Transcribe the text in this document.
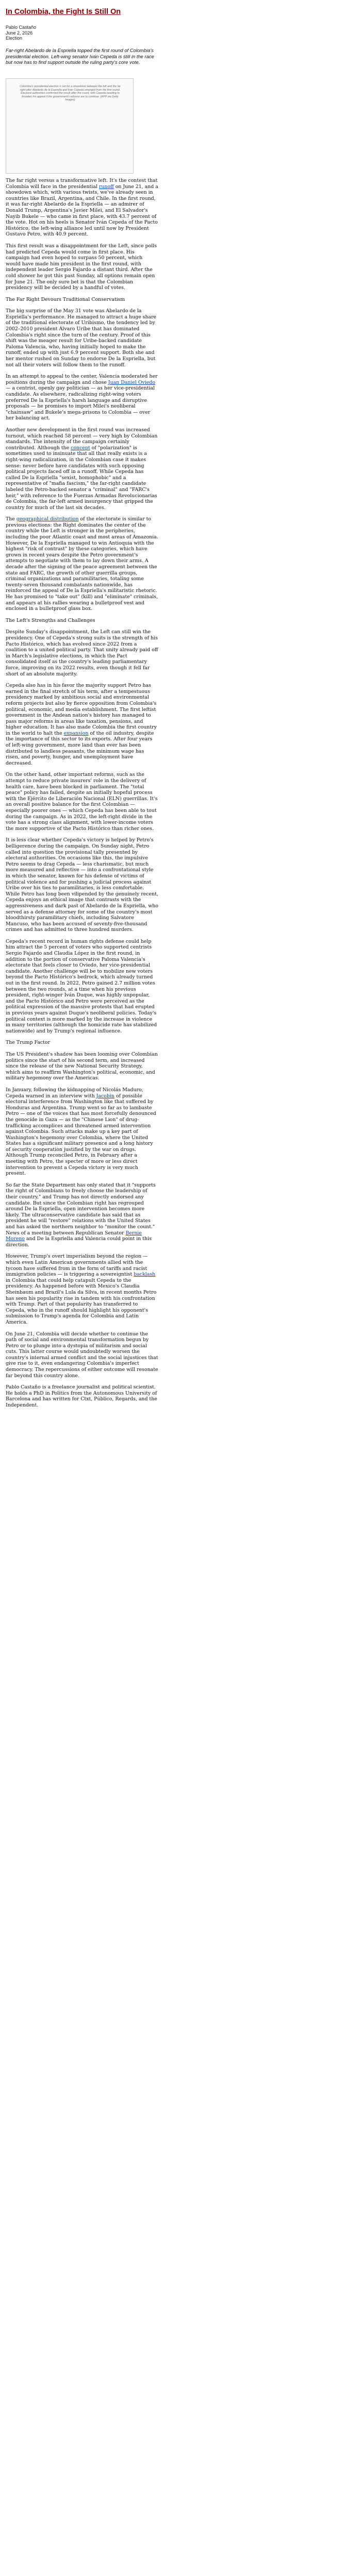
In Colombia, the Fight Is Still On
Pablo Castaño
June 2, 2026
Election

Far-right Abelardo de la Espriella topped the first round of Colombia's presidential election. Left-wing senator Iván Cepeda is still in the race but now has to find support outside the ruling party's core vote.

Colombia's presidential election is set for a showdown between the left and the far right after Abelardo de la Espriella and Iván Cepeda emerged from the first round. Electoral authorities confirmed the result after the count, with Cepeda needing to broaden his appeal if the government's reforms are to continue. (AFP via Getty Images)

The far right versus a transformative left. It's the contest that Colombia will face in the presidential runoff on June 21, and a showdown which, with various twists, we've already seen in countries like Brazil, Argentina, and Chile. In the first round, it was far-right Abelardo de la Espriella — an admirer of Donald Trump, Argentina's Javier Milei, and El Salvador's Nayib Bukele — who came in first place, with 43.7 percent of the vote. Hot on his heels is Senator Iván Cepeda of the Pacto Histórico, the left-wing alliance led until now by President Gustavo Petro, with 40.9 percent.

This first result was a disappointment for the Left, since polls had predicted Cepeda would come in first place. His campaign had even hoped to surpass 50 percent, which would have made him president in the first round, with independent leader Sergio Fajardo a distant third. After the cold shower he got this past Sunday, all options remain open for June 21. The only sure bet is that the Colombian presidency will be decided by a handful of votes.

The Far Right Devours Traditional Conservatism

The big surprise of the May 31 vote was Abelardo de la Espriella's performance. He managed to attract a huge share of the traditional electorate of Uribismo, the tendency led by 2002–2010 president Álvaro Uribe that has dominated Colombia's right since the turn of the century. Proof of this shift was the meager result for Uribe-backed candidate Paloma Valencia, who, having initially hoped to make the runoff, ended up with just 6.9 percent support. Both she and her mentor rushed on Sunday to endorse De la Espriella, but not all their voters will follow them to the runoff.

In an attempt to appeal to the center, Valencia moderated her positions during the campaign and chose Juan Daniel Oviedo — a centrist, openly gay politician — as her vice-presidential candidate. As elsewhere, radicalizing right-wing voters preferred De la Espriella's harsh language and disruptive proposals — he promises to import Milei's neoliberal "chainsaw" and Bukele's mega-prisons to Colombia — over her balancing act.

Another new development in the first round was increased turnout, which reached 58 percent — very high by Colombian standards. The intensity of the campaign certainly contributed. Although the concept of "polarization" is sometimes used to insinuate that all that really exists is a right-wing radicalization, in the Colombian case it makes sense: never before have candidates with such opposing political projects faced off in a runoff. While Cepeda has called De la Espriella "sexist, homophobic" and a representative of "mafia fascism," the far-right candidate labeled the Petro-backed senator a "criminal" and "FARC's heir," with reference to the Fuerzas Armadas Revolucionarias de Colombia, the far-left armed insurgency that gripped the country for much of the last six decades.

The geographical distribution of the electorate is similar to previous elections: the Right dominates the center of the country while the Left is stronger in the peripheries, including the poor Atlantic coast and most areas of Amazonia. However, De la Espriella managed to win Antioquia with the highest "risk of contrast" by these categories, which have grown in recent years despite the Petro government's attempts to negotiate with them to lay down their arms. A decade after the signing of the peace agreement between the state and FARC, the growth of other guerrilla groups, criminal organizations and paramilitaries, totaling some twenty-seven thousand combatants nationwide, has reinforced the appeal of De la Espriella's militaristic rhetoric. He has promised to "take out" (kill) and "eliminate" criminals, and appears at his rallies wearing a bulletproof vest and enclosed in a bulletproof glass box.

The Left's Strengths and Challenges

Despite Sunday's disappointment, the Left can still win the presidency. One of Cepeda's strong suits is the strength of his Pacto Histórico, which has evolved since 2022 from a coalition to a united political party. That unity already paid off in March's legislative elections, in which the Pact consolidated itself as the country's leading parliamentary force, improving on its 2022 results, even though it fell far short of an absolute majority.

Cepeda also has in his favor the majority support Petro has earned in the final stretch of his term, after a tempestuous presidency marked by ambitious social and environmental reform projects but also by fierce opposition from Colombia's political, economic, and media establishment. The first leftist government in the Andean nation's history has managed to pass major reforms in areas like taxation, pensions, and higher education. It has also made Colombia the first country in the world to halt the expansion of the oil industry, despite the importance of this sector to its exports. After four years of left-wing government, more land than ever has been distributed to landless peasants, the minimum wage has risen, and poverty, hunger, and unemployment have decreased.

On the other hand, other important reforms, such as the attempt to reduce private insurers' role in the delivery of health care, have been blocked in parliament. The "total peace" policy has failed, despite an initially hopeful process with the Ejército de Liberación Nacional (ELN) guerrillas. It's an overall positive balance for the first Colombian — especially poorer ones — which Cepeda has been able to tout during the campaign. As in 2022, the left-right divide in the vote has a strong class alignment, with lower-income voters the more supportive of the Pacto Histórico than richer ones.

It is less clear whether Cepeda's victory is helped by Petro's belligerence during the campaign. On Sunday night, Petro called into question the provisional tally presented by electoral authorities. On occasions like this, the impulsive Petro seems to drag Cepeda — less charismatic, but much more measured and reflective — into a confrontational style in which the senator, known for his defense of victims of political violence and for pushing a judicial process against Uribe over his ties to paramilitaries, is less comfortable. While Petro has long been vilipended by the genuinely recent, Cepeda enjoys an ethical image that contrasts with the aggressiveness and dark past of Abelardo de la Espriella, who served as a defense attorney for some of the country's most bloodthirsty paramilitary chiefs, including Salvatore Mancuso, who has been accused of seventy-five-thousand crimes and has admitted to three hundred murders.

Cepeda's recent record in human rights defense could help him attract the 5 percent of voters who supported centrists Sergio Fajardo and Claudia López in the first round, in addition to the portion of conservative Paloma Valencia's electorate that feels closer to Oviedo, her vice-presidential candidate. Another challenge will be to mobilize new voters beyond the Pacto Histórico's bedrock, which already turned out in the first round. In 2022, Petro gained 2.7 million votes between the two rounds, at a time when his previous president, right-winger Iván Duque, was highly unpopular, and the Pacto Histórico and Petro were perceived as the political expression of the massive protests that had erupted in previous years against Duque's neoliberal policies. Today's political context is more marked by the increase in violence in many territories (although the homicide rate has stabilized nationwide) and by Trump's regional influence.

The Trump Factor

The US President's shadow has been looming over Colombian politics since the start of his second term, and increased since the release of the new National Security Strategy, which aims to reaffirm Washington's political, economic, and military hegemony over the Americas.

In January, following the kidnapping of Nicolás Maduro, Cepeda warned in an interview with Jacobin of possible electoral interference from Washington like that suffered by Honduras and Argentina. Trump went so far as to lambaste Petro — one of the voices that has most forcefully denounced the genocide in Gaza — as the "Chinese Lion" of drug-trafficking accomplices and threatened armed intervention against Colombia. Such attacks make up a key part of Washington's hegemony over Colombia, where the United States has a significant military presence and a long history of security cooperation justified by the war on drugs. Although Trump reconciled Petro, in February after a meeting with Petro, the specter of more or less direct intervention to prevent a Cepeda victory is very much present.

So far the State Department has only stated that it "supports the right of Colombians to freely choose the leadership of their country," and Trump has not directly endorsed any candidate. But since the Colombian right has regrouped around De la Espriella, open intervention becomes more likely. The ultraconservative candidate has said that as president he will "restore" relations with the United States and has asked the northern neighbor to "monitor the count." News of a meeting between Republican Senator Bernie Moreno and De la Espriella and Valencia could point in this direction.

However, Trump's overt imperialism beyond the region — which even Latin American governments allied with the tycoon have suffered from in the form of tariffs and racist immigration policies — is triggering a sovereigntist backlash in Colombia that could help catapult Cepeda to the presidency. As happened before with Mexico's Claudia Sheinbaum and Brazil's Lula da Silva, in recent months Petro has seen his popularity rise in tandem with his confrontation with Trump. Part of that popularity has transferred to Cepeda, who in the runoff should highlight his opponent's submission to Trump's agenda for Colombia and Latin America.

On June 21, Colombia will decide whether to continue the path of social and environmental transformation begun by Petro or to plunge into a dystopia of militarism and social cuts. This latter course would undoubtedly worsen the country's internal armed conflict and the social injustices that give rise to it, even endangering Colombia's imperfect democracy. The repercussions of either outcome will resonate far beyond this country alone.

Pablo Castaño is a freelance journalist and political scientist. He holds a PhD in Politics from the Autonomous University of Barcelona and has written for Ctxt, Público, Regards, and the Independent.
